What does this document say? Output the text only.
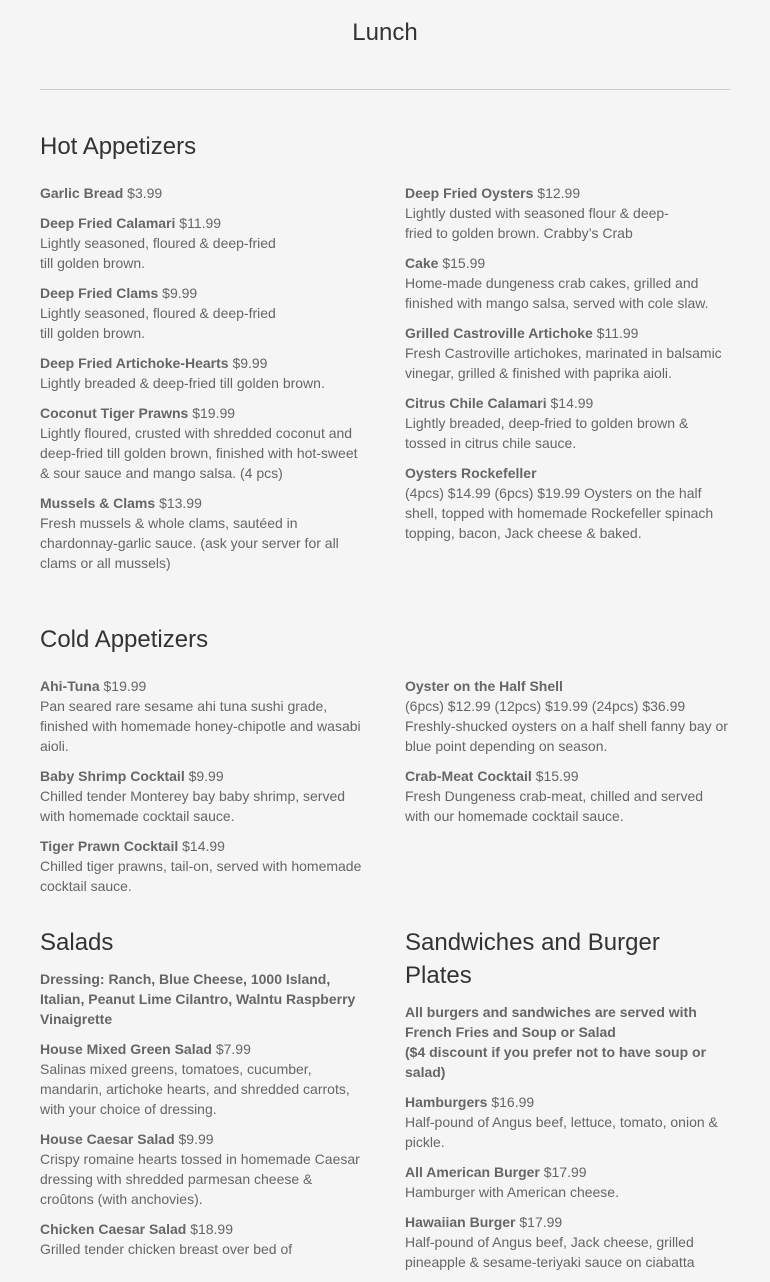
Lunch
Hot Appetizers
Garlic Bread $3.99
Deep Fried Calamari $11.99
Lightly seasoned, floured & deep-fried till golden brown.
Deep Fried Clams $9.99
Lightly seasoned, floured & deep-fried till golden brown.
Deep Fried Artichoke-Hearts $9.99
Lightly breaded & deep-fried till golden brown.
Coconut Tiger Prawns $19.99
Lightly floured, crusted with shredded coconut and deep-fried till golden brown, finished with hot-sweet & sour sauce and mango salsa. (4 pcs)
Mussels & Clams $13.99
Fresh mussels & whole clams, sautéed in chardonnay-garlic sauce. (ask your server for all clams or all mussels)
Deep Fried Oysters $12.99
Lightly dusted with seasoned flour & deep-fried to golden brown. Crabby’s Crab
Cake $15.99
Home-made dungeness crab cakes, grilled and finished with mango salsa, served with cole slaw.
Grilled Castroville Artichoke $11.99
Fresh Castroville artichokes, marinated in balsamic vinegar, grilled & finished with paprika aioli.
Citrus Chile Calamari $14.99
Lightly breaded, deep-fried to golden brown & tossed in citrus chile sauce.
Oysters Rockefeller
(4pcs) $14.99 (6pcs) $19.99 Oysters on the half shell, topped with homemade Rockefeller spinach topping, bacon, Jack cheese & baked.
Cold Appetizers
Ahi-Tuna $19.99
Pan seared rare sesame ahi tuna sushi grade, finished with homemade honey-chipotle and wasabi aioli.
Baby Shrimp Cocktail $9.99
Chilled tender Monterey bay baby shrimp, served with homemade cocktail sauce.
Tiger Prawn Cocktail $14.99
Chilled tiger prawns, tail-on, served with homemade cocktail sauce.
Oyster on the Half Shell
(6pcs) $12.99 (12pcs) $19.99 (24pcs) $36.99 Freshly-shucked oysters on a half shell fanny bay or blue point depending on season.
Crab-Meat Cocktail $15.99
Fresh Dungeness crab-meat, chilled and served with our homemade cocktail sauce.
Salads
Dressing: Ranch, Blue Cheese, 1000 Island, Italian, Peanut Lime Cilantro, Walntu Raspberry Vinaigrette
House Mixed Green Salad $7.99
Salinas mixed greens, tomatoes, cucumber, mandarin, artichoke hearts, and shredded carrots, with your choice of dressing.
House Caesar Salad $9.99
Crispy romaine hearts tossed in homemade Caesar dressing with shredded parmesan cheese & croûtons (with anchovies).
Chicken Caesar Salad $18.99
Grilled tender chicken breast over bed of
Sandwiches and Burger Plates
All burgers and sandwiches are served with French Fries and Soup or Salad
($4 discount if you prefer not to have soup or salad)
Hamburgers $16.99
Half-pound of Angus beef, lettuce, tomato, onion & pickle.
All American Burger $17.99
Hamburger with American cheese.
Hawaiian Burger $17.99
Half-pound of Angus beef, Jack cheese, grilled pineapple & sesame-teriyaki sauce on ciabatta
